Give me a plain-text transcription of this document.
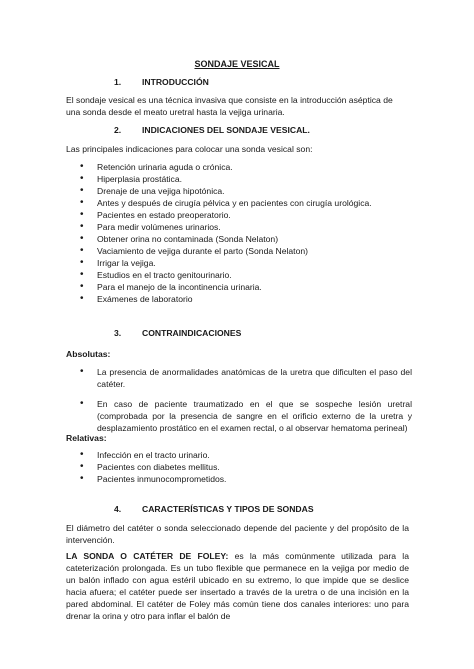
SONDAJE VESICAL
1. INTRODUCCIÓN
El sondaje vesical es una técnica invasiva que consiste en la introducción aséptica de una sonda desde el meato uretral hasta la vejiga urinaria.
2. INDICACIONES DEL SONDAJE VESICAL.
Las principales indicaciones para colocar una sonda vesical son:
• Retención urinaria aguda o crónica.
• Hiperplasia prostática.
• Drenaje de una vejiga hipotónica.
• Antes y después de cirugía pélvica y en pacientes con cirugía urológica.
• Pacientes en estado preoperatorio.
• Para medir volúmenes urinarios.
• Obtener orina no contaminada (Sonda Nelaton)
• Vaciamiento de vejiga durante el parto (Sonda Nelaton)
• Irrigar la vejiga.
• Estudios en el tracto genitourinario.
• Para el manejo de la incontinencia urinaria.
• Exámenes de laboratorio
3. CONTRAINDICACIONES
Absolutas:
• La presencia de anormalidades anatómicas de la uretra que dificulten el paso del catéter.
• En caso de paciente traumatizado en el que se sospeche lesión uretral (comprobada por la presencia de sangre en el orificio externo de la uretra y desplazamiento prostático en el examen rectal, o al observar hematoma perineal)
Relativas:
• Infección en el tracto urinario.
• Pacientes con diabetes mellitus.
• Pacientes inmunocomprometidos.
4. CARACTERÍSTICAS Y TIPOS DE SONDAS
El diámetro del catéter o sonda seleccionado depende del paciente y del propósito de la intervención.
LA SONDA O CATÉTER DE FOLEY: es la más comúnmente utilizada para la cateterización prolongada. Es un tubo flexible que permanece en la vejiga por medio de un balón inflado con agua estéril ubicado en su extremo, lo que impide que se deslice hacia afuera; el catéter puede ser insertado a través de la uretra o de una incisión en la pared abdominal. El catéter de Foley más común tiene dos canales interiores: uno para drenar la orina y otro para inflar el balón de
